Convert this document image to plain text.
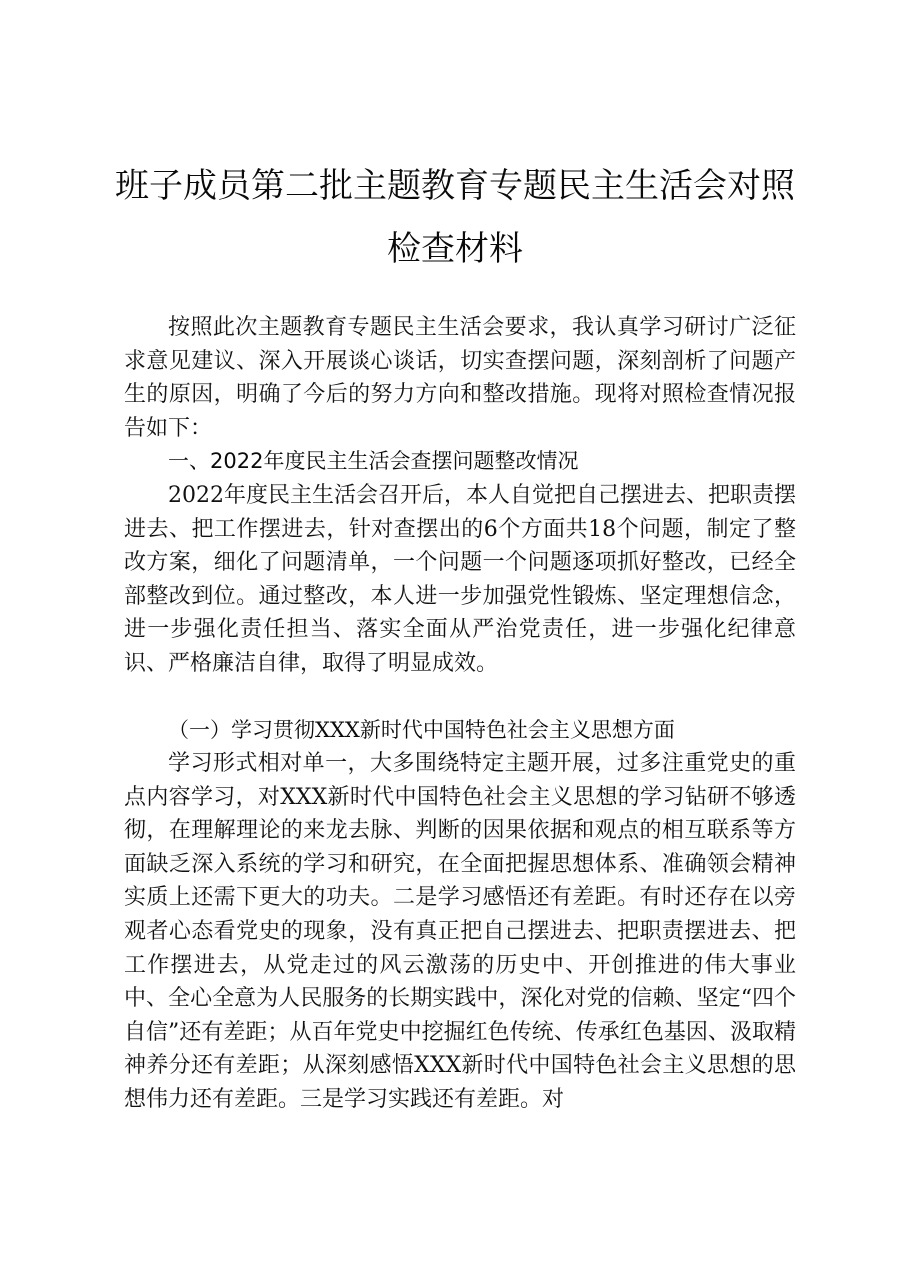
班子成员第二批主题教育专题民主生活会对照
检查材料

按照此次主题教育专题民主生活会要求，我认真学习研讨广泛征求意见建议、深入开展谈心谈话，切实查摆问题，深刻剖析了问题产生的原因，明确了今后的努力方向和整改措施。现将对照检查情况报告如下：

一、2022年度民主生活会查摆问题整改情况

2022年度民主生活会召开后，本人自觉把自己摆进去、把职责摆进去、把工作摆进去，针对查摆出的6个方面共18个问题，制定了整改方案，细化了问题清单，一个问题一个问题逐项抓好整改，已经全部整改到位。通过整改，本人进一步加强党性锻炼、坚定理想信念，进一步强化责任担当、落实全面从严治党责任，进一步强化纪律意识、严格廉洁自律，取得了明显成效。

（一）学习贯彻XXX新时代中国特色社会主义思想方面

学习形式相对单一，大多围绕特定主题开展，过多注重党史的重点内容学习，对XXX新时代中国特色社会主义思想的学习钻研不够透彻，在理解理论的来龙去脉、判断的因果依据和观点的相互联系等方面缺乏深入系统的学习和研究，在全面把握思想体系、准确领会精神实质上还需下更大的功夫。二是学习感悟还有差距。有时还存在以旁观者心态看党史的现象，没有真正把自己摆进去、把职责摆进去、把工作摆进去，从党走过的风云激荡的历史中、开创推进的伟大事业中、全心全意为人民服务的长期实践中，深化对党的信赖、坚定“四个自信”还有差距；从百年党史中挖掘红色传统、传承红色基因、汲取精神养分还有差距；从深刻感悟XXX新时代中国特色社会主义思想的思想伟力还有差距。三是学习实践还有差距。对
